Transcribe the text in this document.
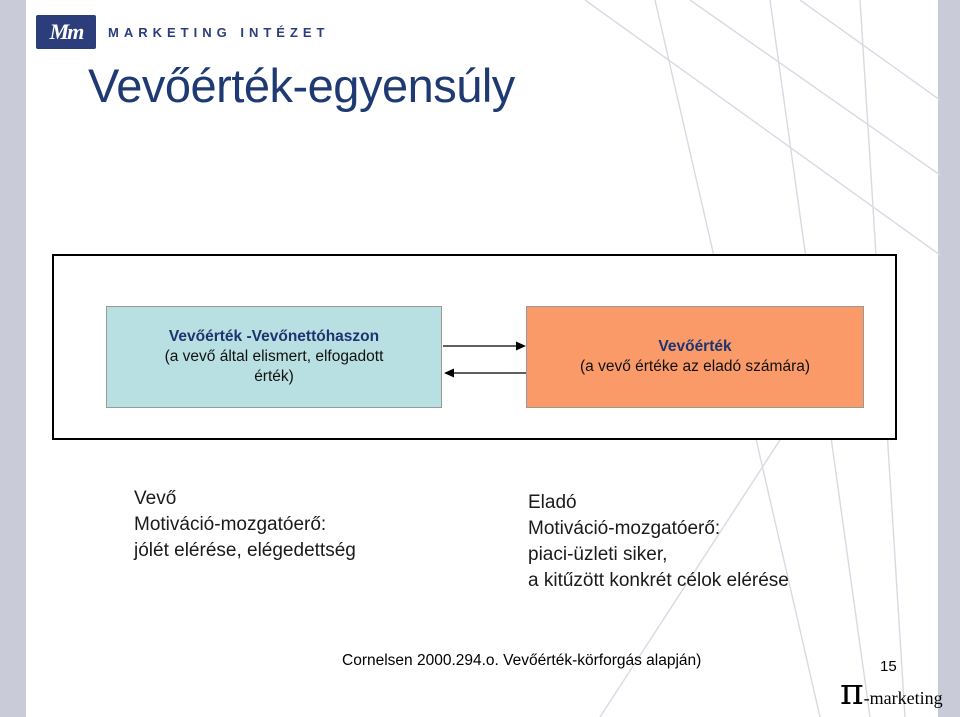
Mm	MARKETING INTÉZET
Vevőérték-egyensúly
Vevőérték -Vevőnettóhaszon
(a vevő által elismert, elfogadott
érték)
Vevőérték
(a vevő értéke az eladó számára)
Vevő
Motiváció-mozgatóerő:
jólét elérése, elégedettség
Eladó
Motiváció-mozgatóerő:
piaci-üzleti siker,
a kitűzött konkrét célok elérése
Cornelsen 2000.294.o. Vevőérték-körforgás alapján)	15
π -marketing
